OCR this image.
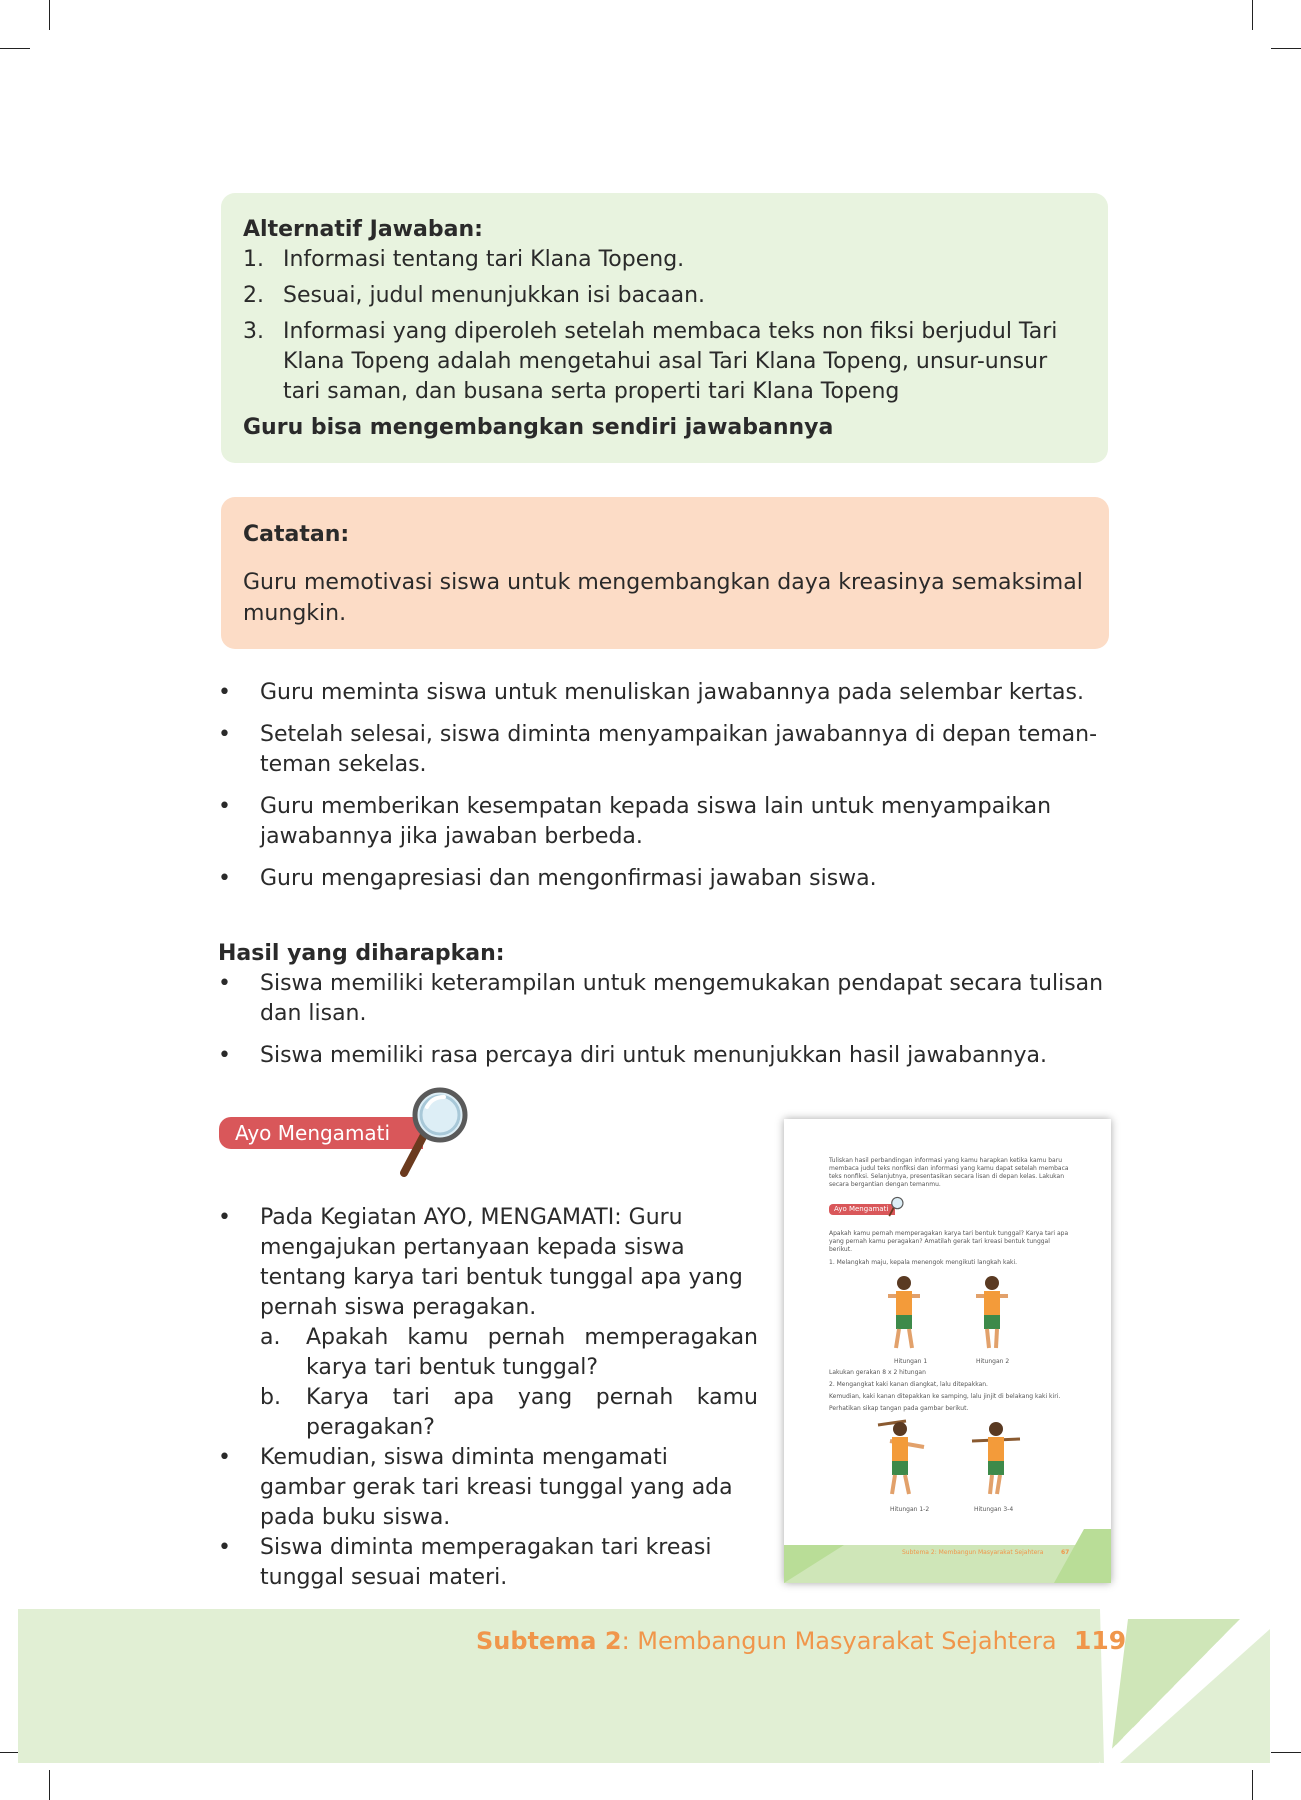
Alternatif Jawaban:
1. Informasi tentang tari Klana Topeng.
2. Sesuai, judul menunjukkan isi bacaan.
3. Informasi yang diperoleh setelah membaca teks non fiksi berjudul Tari Klana Topeng adalah mengetahui asal Tari Klana Topeng, unsur-unsur tari saman, dan busana serta properti tari Klana Topeng
Guru bisa mengembangkan sendiri jawabannya
Catatan:
Guru memotivasi siswa untuk mengembangkan daya kreasinya semaksimal mungkin.
• Guru meminta siswa untuk menuliskan jawabannya pada selembar kertas.
• Setelah selesai, siswa diminta menyampaikan jawabannya di depan teman-teman sekelas.
• Guru memberikan kesempatan kepada siswa lain untuk menyampaikan jawabannya jika jawaban berbeda.
• Guru mengapresiasi dan mengonfirmasi jawaban siswa.
Hasil yang diharapkan:
• Siswa memiliki keterampilan untuk mengemukakan pendapat secara tulisan dan lisan.
• Siswa memiliki rasa percaya diri untuk menunjukkan hasil jawabannya.
Ayo Mengamati
• Pada Kegiatan AYO, MENGAMATI: Guru mengajukan pertanyaan kepada siswa tentang karya tari bentuk tunggal apa yang pernah siswa peragakan.
a. Apakah kamu pernah memperagakan karya tari bentuk tunggal?
b. Karya tari apa yang pernah kamu peragakan?
• Kemudian, siswa diminta mengamati gambar gerak tari kreasi tunggal yang ada pada buku siswa.
• Siswa diminta memperagakan tari kreasi tunggal sesuai materi.
Tuliskan hasil perbandingan informasi yang kamu harapkan ketika kamu baru membaca judul teks nonfiksi dan informasi yang kamu dapat setelah membaca teks nonfiksi. Selanjutnya, presentasikan secara lisan di depan kelas. Lakukan secara bergantian dengan temanmu.
Ayo Mengamati
Apakah kamu pernah memperagakan karya tari bentuk tunggal? Karya tari apa yang pernah kamu peragakan? Amatilah gerak tari kreasi bentuk tunggal berikut.
1. Melangkah maju, kepala menengok mengikuti langkah kaki.
Hitungan 1	Hitungan 2
Lakukan gerakan 8 x 2 hitungan
2. Mengangkat kaki kanan diangkat, lalu ditepakkan.
Kemudian, kaki kanan ditepakkan ke samping, lalu jinjit di belakang kaki kiri.
Perhatikan sikap tangan pada gambar berikut.
Hitungan 1-2	Hitungan 3-4
Subtema 2: Membangun Masyarakat Sejahtera	67
Subtema 2: Membangun Masyarakat Sejahtera 119
